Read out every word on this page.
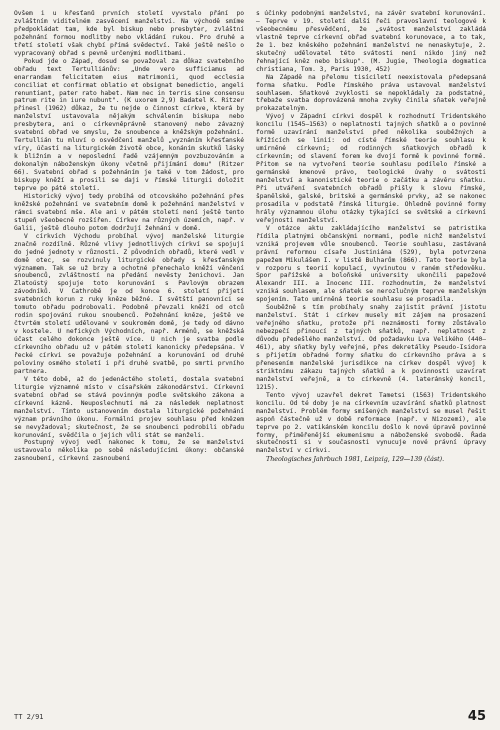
Ovšem i u křesťanů prvních století vyvstalo přání po zvláštním viditelném zasvěcení manželství. Na východě smíme předpokládat tam, kde byl biskup nebo presbyter, zvláštní požehnání formou modlitby nebo vkládání rukou. Pro druhé a třetí století však chybí přímá svědectví. Také ještě nešlo o vypracovaný obřad s pevně určenými modlitbami.

Pokud jde o Západ, dosud se považoval za důkaz svatebního obřadu text Tertulliánův: „Unde vero sufficiamus ad enarrandam felicitatem eius matrimonii, quod ecclesia conciliat et confirmat oblatio et obsignat benedictio, angeli renuntiant, pater rato habet. Nam nec in terris sine consensu patrum rite in iure nubunt". (K uxorem 2,9) Badatel K. Ritzer přinesl (1962) důkaz, že tu nejde o činnost církve, která by manželství ustavovala nějakým schválením biskupa nebo presbytera, ani o církevněprávně stanovený nebo závazný svatební obřad ve smyslu, že snoubence a kněžským požehnání. Tertullián tu mluví o osvědčení manželů „vyznáním křesťanské víry, účastí na liturgickém životě obce, konáním skutků lásky k bližním a v neposlední řadě vzájemným povzbuzováním a dokonalým náboženským úkony včetně přijímání domu" (Ritzer 66). Svatební obřad s požehnáním je také v tom žádost, pro biskupy kněží a prosili se daji v římské liturgii doložit teprve po páté století.

Historický vývoj tedy probíhá od otcovského požehnání přes kněžské požehnání ve svatebním domě k požehnání manželství v rámci svatební mše. Ale ani v pátém století není ještě tento stupeň všeobecně rozšířen. Církev na různých územích, např. v Galii, ještě dlouho potom dodržují žehnání v domě.

V církvích Východu probíhal vývoj manželské liturgie značně rozdílně. Různé vlivy jednotlivých církví se spojují do jedné jednoty v různosti. Z původních obřadů, které vedl v domě otec, se rozvinuly liturgické obřady s křesťanským významem. Tak se už brzy a ochotné přenechalo kněží věnčení snoubenců, zvláštností na předání nevěsty ženichovi. Jan Zlatoústý spojuje toto korunování s Pavlovým obrazem závodníků. V Cathrobě je od konce 6. století přijetí svatebních korun z ruky kněze běžné. I světští panovníci se tomuto obřadu podrobovali. Podobně převzali kněží od otců rodin spojování rukou snoubenců. Požehnání kněze, ještě ve čtvrtém století udělované v soukromém domě, je tedy od dávno v kostele. U nefických Východních, např. Arménů, se kněžská účast celého dokonce ještě více. U nich je svatba podle církevního obřadu už v pátém století kanonicky předepsána. V řecké církvi se považuje požehnání a korunování od druhé poloviny osmého století i při druhé svatbě, po smrti prvního partnera.

V této době, až do jedenáctého století, dostala svatební liturgie významné místo v císařském zákonodárství. Církevní svatební obřad se stává povinným podle světského zákona a církevní kázně. Neuposlechnutí má za následek neplatnost manželství. Tímto ustanovením dostala liturgické požehnání význam právního úkonu. Formální projev souhlasu před knězem se nevyžadoval; skutečnost, že se snoubenci podrobili obřadu korunování, svědčila o jejich vůli stát se manželi.

Postupný vývoj vedl nakonec k tomu, že se manželství ustavovalo několika po sobě následujícími úkony: občanské zasnoubení, církevní zasnoubení

s účinky podobnými manželství, na závěr svatební korunování. — Teprve v 19. století další řeči pravoslavní teologové k všeobecnému přesvědčení, že „svátost manželství zakládá vlastně teprve církevní obřad svatební korunovace, a to tak, že 1. bez kněského požehnání manželství ne nenaskytuje, 2. skutečný udělovatel této svátosti není nikdo jiný než řehnající kněz nebo biskup". (M. Jugie, Theologia dogmatica christiana, Tom. 3, Paris 1930, 452)

Na Západě na přelomu tisíciletí neexistovala předepsaná forma sňatku. Podle římského práva ustavoval manželství souhlasem. Sňatkové zvyklosti se nepokládaly za podstatné, třebaže svatba doprovázená mnoha zvyky činila sňatek veřejně prokazatelným.

Vývoj v Západní církvi dospěl k rozhodnutí Tridentského koncilu (1545–1563) o neplatnosti tajných sňatků a o povinné formě uzavírání manželství před několika souběžných a křížících se linií: od císté římské teorie souhlasu k umírněné církevní; od rodinných sňatkových obřadů k církevním; od slavení forem ke dvojí formě k povinné formě. Přitom se na vytvoření teorie souhlasu podílelo římské a germánské kmenové právo, teologické úvahy o svátosti manželství a kanonistické teorie o začátku a závěru sňatku. Při utváření svatebních obřadů přišly k slovu římské, španělské, galské, britské a germánské prvky, až se nakonec prosadila v podstatě římská liturgie. Ohledně povinné formy hrály významnou úlohu otázky týkající se světské a církevní veřejnosti manželství.

V otázce aktu zakládajícího manželství se patristika řídila platnými občanskými normami, podle nichž manželství vzniká projevem vůle snoubenců. Teorie souhlasu, zastávaná právní reformou císaře Justiniána (529), byla potvrzena papežem Mikulášem I. v listě Bulharům (866). Tato teorie byla v rozporu s teorií kopulací, vyvinutou v raném středověku. Spor pařížské a boloňské university ukončili papežové Alexandr III. a Inocenc III. rozhodnutím, že manželství vzniká souhlasem, ale sňatek se nerozlučným teprve manželským spojením. Tato umírněná teorie souhlasu se prosadila.

Souběžně s tím probíhaly snahy zajistit právní jistotu manželství. Stát i církev musely mít zájem na prosazení veřejného sňatku, protože při neznámosti formy zůstávalo nebezpečí přinoucí z tajných sňatků, např. neplatnost z důvodu předešlého manželství. Od požadavku Lva Velikého (440—461), aby sňatky byly veřejné, přes dekretálky Pseudo-Isidora s přijetím obřadné formy sňatku do církevního práva a s přenesením manželské jurisdikce na církev dospěl vývoj k striktnímu zákazu tajných sňatků a k povinnosti uzavírat manželství veřejně, a to církevně (4. lateránský koncil, 1215).

Tento vývoj uzavřel dekret Tametsi (1563) Tridentského koncilu. Od té doby je na církevním uzavírání sňatků platnost manželství. Problém formy smíšených manželství se musel řešit aspoň částečně už v době reformace (např. v Nizozemí), ale teprve po 2. vatikánském koncilu došlo k nové úpravě povinné formy, přiměřenější ekumenismu a náboženské svobodě. Řada skutečností si v současnosti vynucuje nové právní úpravy manželství v církvi.

Theologisches Jahrbuch 1981, Leipzig, 129—139 (část).

TT 2/91	45
